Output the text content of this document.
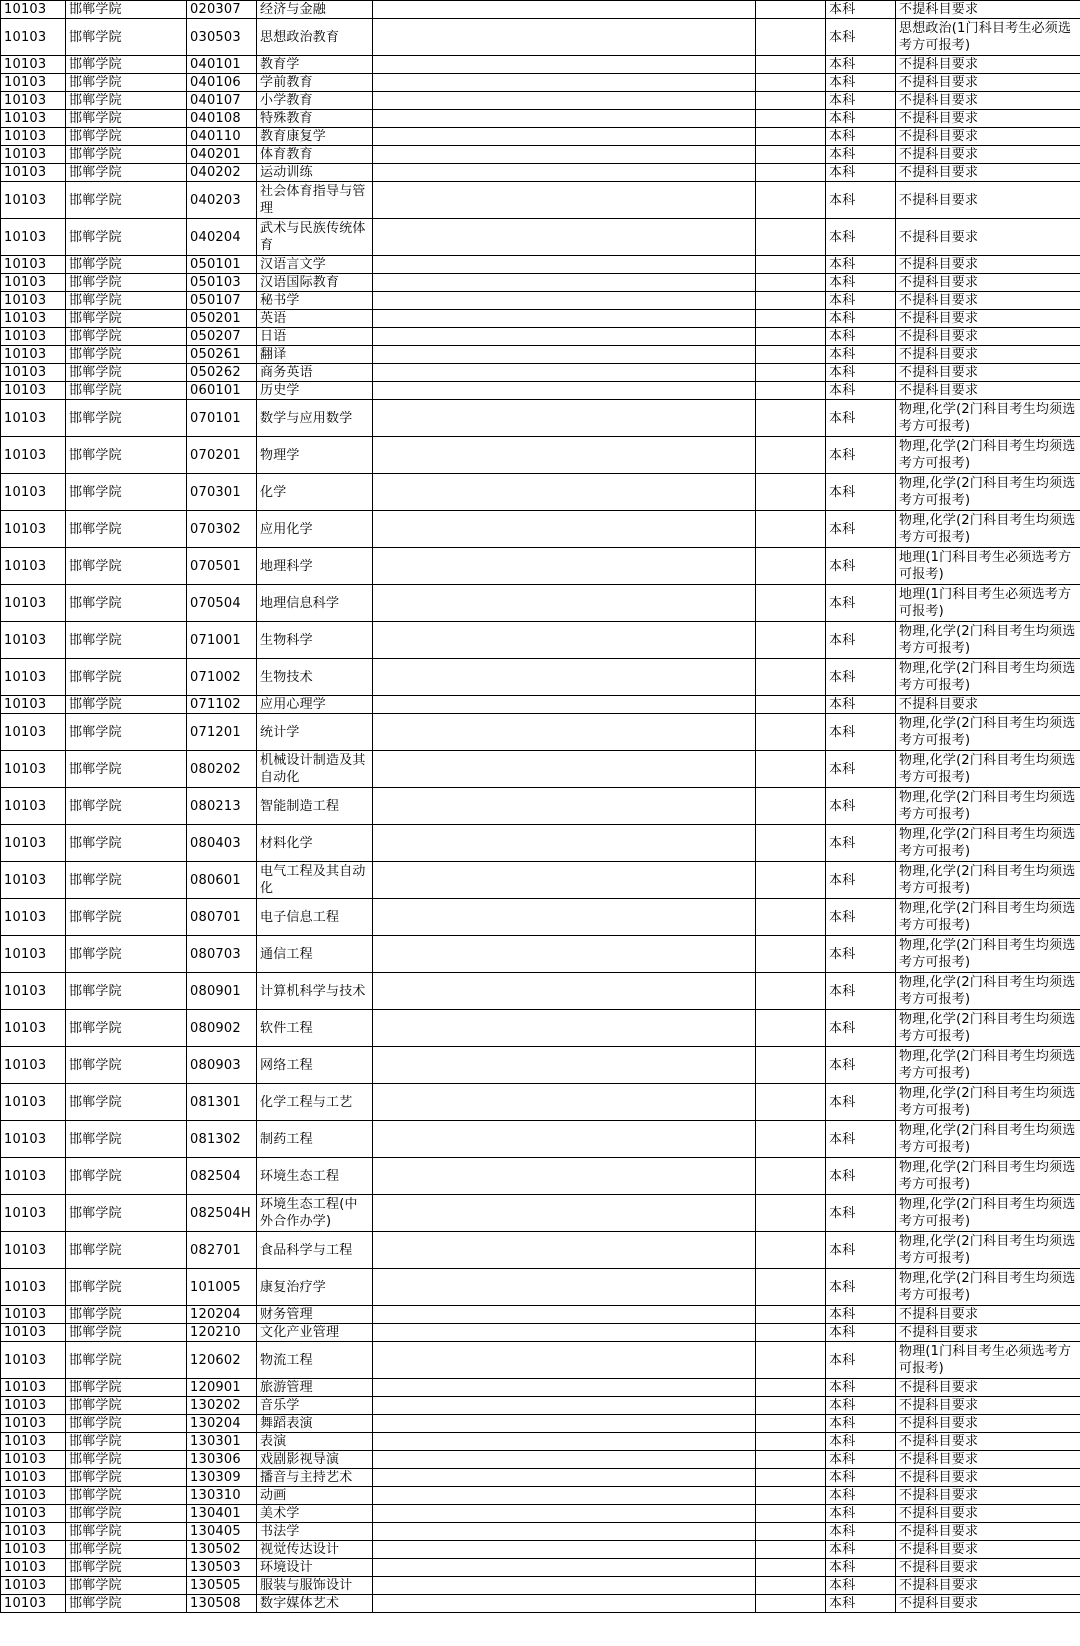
10103	邯郸学院	020307	经济与金融			本科	不提科目要求
10103	邯郸学院	030503	思想政治教育			本科	思想政治(1门科目考生必须选考方可报考)
10103	邯郸学院	040101	教育学			本科	不提科目要求
10103	邯郸学院	040106	学前教育			本科	不提科目要求
10103	邯郸学院	040107	小学教育			本科	不提科目要求
10103	邯郸学院	040108	特殊教育			本科	不提科目要求
10103	邯郸学院	040110	教育康复学			本科	不提科目要求
10103	邯郸学院	040201	体育教育			本科	不提科目要求
10103	邯郸学院	040202	运动训练			本科	不提科目要求
10103	邯郸学院	040203	社会体育指导与管理			本科	不提科目要求
10103	邯郸学院	040204	武术与民族传统体育			本科	不提科目要求
10103	邯郸学院	050101	汉语言文学			本科	不提科目要求
10103	邯郸学院	050103	汉语国际教育			本科	不提科目要求
10103	邯郸学院	050107	秘书学			本科	不提科目要求
10103	邯郸学院	050201	英语			本科	不提科目要求
10103	邯郸学院	050207	日语			本科	不提科目要求
10103	邯郸学院	050261	翻译			本科	不提科目要求
10103	邯郸学院	050262	商务英语			本科	不提科目要求
10103	邯郸学院	060101	历史学			本科	不提科目要求
10103	邯郸学院	070101	数学与应用数学			本科	物理,化学(2门科目考生均须选考方可报考)
10103	邯郸学院	070201	物理学			本科	物理,化学(2门科目考生均须选考方可报考)
10103	邯郸学院	070301	化学			本科	物理,化学(2门科目考生均须选考方可报考)
10103	邯郸学院	070302	应用化学			本科	物理,化学(2门科目考生均须选考方可报考)
10103	邯郸学院	070501	地理科学			本科	地理(1门科目考生必须选考方可报考)
10103	邯郸学院	070504	地理信息科学			本科	地理(1门科目考生必须选考方可报考)
10103	邯郸学院	071001	生物科学			本科	物理,化学(2门科目考生均须选考方可报考)
10103	邯郸学院	071002	生物技术			本科	物理,化学(2门科目考生均须选考方可报考)
10103	邯郸学院	071102	应用心理学			本科	不提科目要求
10103	邯郸学院	071201	统计学			本科	物理,化学(2门科目考生均须选考方可报考)
10103	邯郸学院	080202	机械设计制造及其自动化			本科	物理,化学(2门科目考生均须选考方可报考)
10103	邯郸学院	080213	智能制造工程			本科	物理,化学(2门科目考生均须选考方可报考)
10103	邯郸学院	080403	材料化学			本科	物理,化学(2门科目考生均须选考方可报考)
10103	邯郸学院	080601	电气工程及其自动化			本科	物理,化学(2门科目考生均须选考方可报考)
10103	邯郸学院	080701	电子信息工程			本科	物理,化学(2门科目考生均须选考方可报考)
10103	邯郸学院	080703	通信工程			本科	物理,化学(2门科目考生均须选考方可报考)
10103	邯郸学院	080901	计算机科学与技术			本科	物理,化学(2门科目考生均须选考方可报考)
10103	邯郸学院	080902	软件工程			本科	物理,化学(2门科目考生均须选考方可报考)
10103	邯郸学院	080903	网络工程			本科	物理,化学(2门科目考生均须选考方可报考)
10103	邯郸学院	081301	化学工程与工艺			本科	物理,化学(2门科目考生均须选考方可报考)
10103	邯郸学院	081302	制药工程			本科	物理,化学(2门科目考生均须选考方可报考)
10103	邯郸学院	082504	环境生态工程			本科	物理,化学(2门科目考生均须选考方可报考)
10103	邯郸学院	082504H	环境生态工程(中外合作办学)			本科	物理,化学(2门科目考生均须选考方可报考)
10103	邯郸学院	082701	食品科学与工程			本科	物理,化学(2门科目考生均须选考方可报考)
10103	邯郸学院	101005	康复治疗学			本科	物理,化学(2门科目考生均须选考方可报考)
10103	邯郸学院	120204	财务管理			本科	不提科目要求
10103	邯郸学院	120210	文化产业管理			本科	不提科目要求
10103	邯郸学院	120602	物流工程			本科	物理(1门科目考生必须选考方可报考)
10103	邯郸学院	120901	旅游管理			本科	不提科目要求
10103	邯郸学院	130202	音乐学			本科	不提科目要求
10103	邯郸学院	130204	舞蹈表演			本科	不提科目要求
10103	邯郸学院	130301	表演			本科	不提科目要求
10103	邯郸学院	130306	戏剧影视导演			本科	不提科目要求
10103	邯郸学院	130309	播音与主持艺术			本科	不提科目要求
10103	邯郸学院	130310	动画			本科	不提科目要求
10103	邯郸学院	130401	美术学			本科	不提科目要求
10103	邯郸学院	130405	书法学			本科	不提科目要求
10103	邯郸学院	130502	视觉传达设计			本科	不提科目要求
10103	邯郸学院	130503	环境设计			本科	不提科目要求
10103	邯郸学院	130505	服装与服饰设计			本科	不提科目要求
10103	邯郸学院	130508	数字媒体艺术			本科	不提科目要求
